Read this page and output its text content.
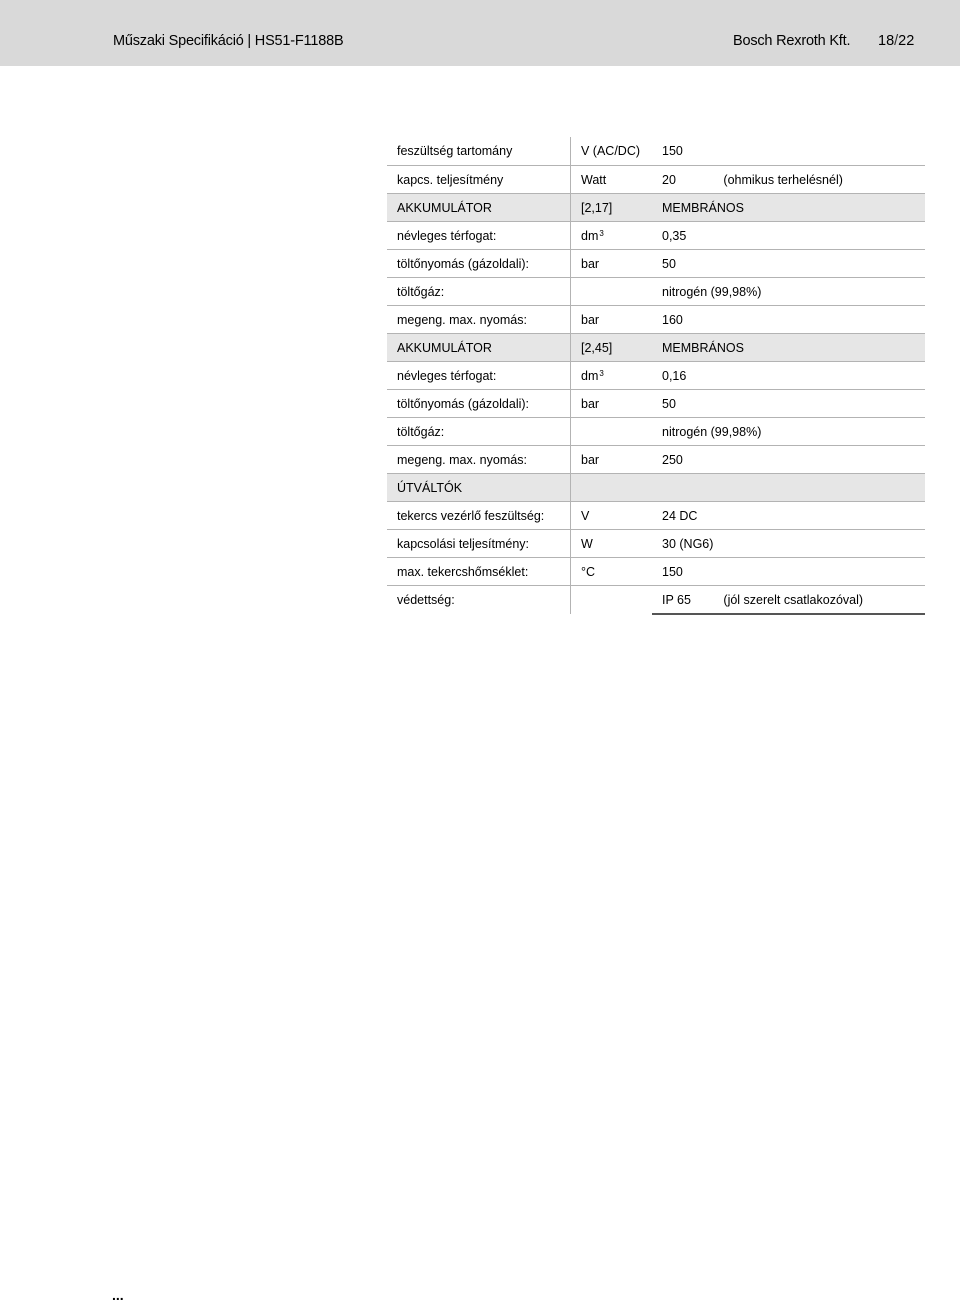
Műszaki Specifikáció | HS51-F1188B	Bosch Rexroth Kft. 18/22
feszültség tartomány	V (AC/DC)	150	
kapcs. teljesítmény	Watt	20	(ohmikus terhelésnél)
AKKUMULÁTOR	[2,17]	MEMBRÁNOS	
névleges térfogat:	$dm^3$	0,35	
töltőnyomás (gázoldali):	bar	50	
töltőgáz:		nitrogén (99,98%)	
megeng. max. nyomás:	bar	160	
AKKUMULÁTOR	[2,45]	MEMBRÁNOS	
névleges térfogat:	$dm^3$	0,16	
töltőnyomás (gázoldali):	bar	50	
töltőgáz:		nitrogén (99,98%)	
megeng. max. nyomás:	bar	250	
ÚTVÁLTÓK			
tekercs vezérlő feszültség:	V	24 DC	
kapcsolási teljesítmény:	W	30 (NG6)	
max. tekercshőmséklet:	°C	150	
védettség:		IP 65	(jól szerelt csatlakozóval)
...
